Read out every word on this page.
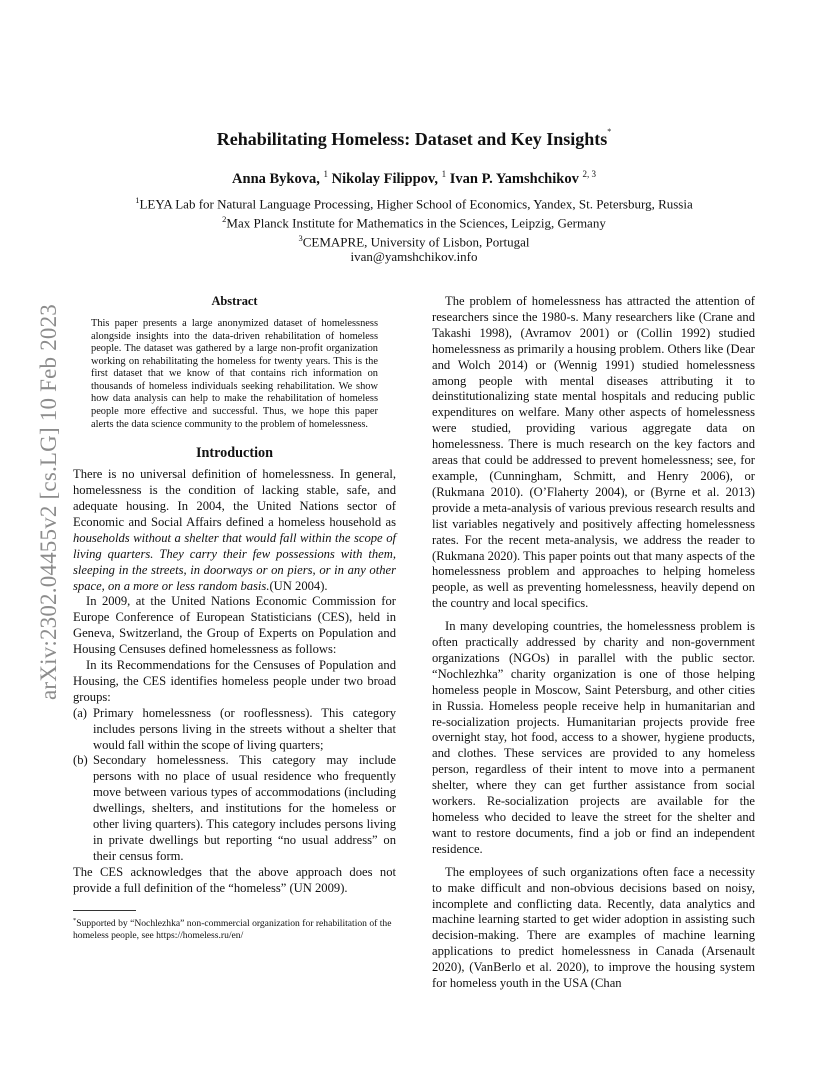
arXiv:2302.04455v2 [cs.LG] 10 Feb 2023
Rehabilitating Homeless: Dataset and Key Insights*
Anna Bykova, $^1$ Nikolay Filippov, $^1$ Ivan P. Yamshchikov $^{2, 3}$
$^1$LEYA Lab for Natural Language Processing, Higher School of Economics, Yandex, St. Petersburg, Russia
$^2$Max Planck Institute for Mathematics in the Sciences, Leipzig, Germany
$^3$CEMAPRE, University of Lisbon, Portugal
ivan@yamshchikov.info
Abstract

This paper presents a large anonymized dataset of homelessness alongside insights into the data-driven rehabilitation of homeless people. The dataset was gathered by a large non-profit organization working on rehabilitating the homeless for twenty years. This is the first dataset that we know of that contains rich information on thousands of homeless individuals seeking rehabilitation. We show how data analysis can help to make the rehabilitation of homeless people more effective and successful. Thus, we hope this paper alerts the data science community to the problem of homelessness.

Introduction

There is no universal definition of homelessness. In general, homelessness is the condition of lacking stable, safe, and adequate housing. In 2004, the United Nations sector of Economic and Social Affairs defined a homeless household as households without a shelter that would fall within the scope of living quarters. They carry their few possessions with them, sleeping in the streets, in doorways or on piers, or in any other space, on a more or less random basis.(UN 2004).

In 2009, at the United Nations Economic Commission for Europe Conference of European Statisticians (CES), held in Geneva, Switzerland, the Group of Experts on Population and Housing Censuses defined homelessness as follows:

In its Recommendations for the Censuses of Population and Housing, the CES identifies homeless people under two broad groups:

(a) Primary homelessness (or rooflessness). This category includes persons living in the streets without a shelter that would fall within the scope of living quarters;
(b) Secondary homelessness. This category may include persons with no place of usual residence who frequently move between various types of accommodations (including dwellings, shelters, and institutions for the homeless or other living quarters). This category includes persons living in private dwellings but reporting “no usual address” on their census form.

The CES acknowledges that the above approach does not provide a full definition of the “homeless” (UN 2009).

*Supported by “Nochlezhka” non-commercial organization for rehabilitation of the homeless people, see https://homeless.ru/en/

The problem of homelessness has attracted the attention of researchers since the 1980-s. Many researchers like (Crane and Takashi 1998), (Avramov 2001) or (Collin 1992) studied homelessness as primarily a housing problem. Others like (Dear and Wolch 2014) or (Wennig 1991) studied homelessness among people with mental diseases attributing it to deinstitutionalizing state mental hospitals and reducing public expenditures on welfare. Many other aspects of homelessness were studied, providing various aggregate data on homelessness. There is much research on the key factors and areas that could be addressed to prevent homelessness; see, for example, (Cunningham, Schmitt, and Henry 2006), or (Rukmana 2010). (O’Flaherty 2004), or (Byrne et al. 2013) provide a meta-analysis of various previous research results and list variables negatively and positively affecting homelessness rates. For the recent meta-analysis, we address the reader to (Rukmana 2020). This paper points out that many aspects of the homelessness problem and approaches to helping homeless people, as well as preventing homelessness, heavily depend on the country and local specifics.

In many developing countries, the homelessness problem is often practically addressed by charity and non-government organizations (NGOs) in parallel with the public sector. “Nochlezhka” charity organization is one of those helping homeless people in Moscow, Saint Petersburg, and other cities in Russia. Homeless people receive help in humanitarian and re-socialization projects. Humanitarian projects provide free overnight stay, hot food, access to a shower, hygiene products, and clothes. These services are provided to any homeless person, regardless of their intent to move into a permanent shelter, where they can get further assistance from social workers. Re-socialization projects are available for the homeless who decided to leave the street for the shelter and want to restore documents, find a job or find an independent residence.

The employees of such organizations often face a necessity to make difficult and non-obvious decisions based on noisy, incomplete and conflicting data. Recently, data analytics and machine learning started to get wider adoption in assisting such decision-making. There are examples of machine learning applications to predict homelessness in Canada (Arsenault 2020), (VanBerlo et al. 2020), to improve the housing system for homeless youth in the USA (Chan
